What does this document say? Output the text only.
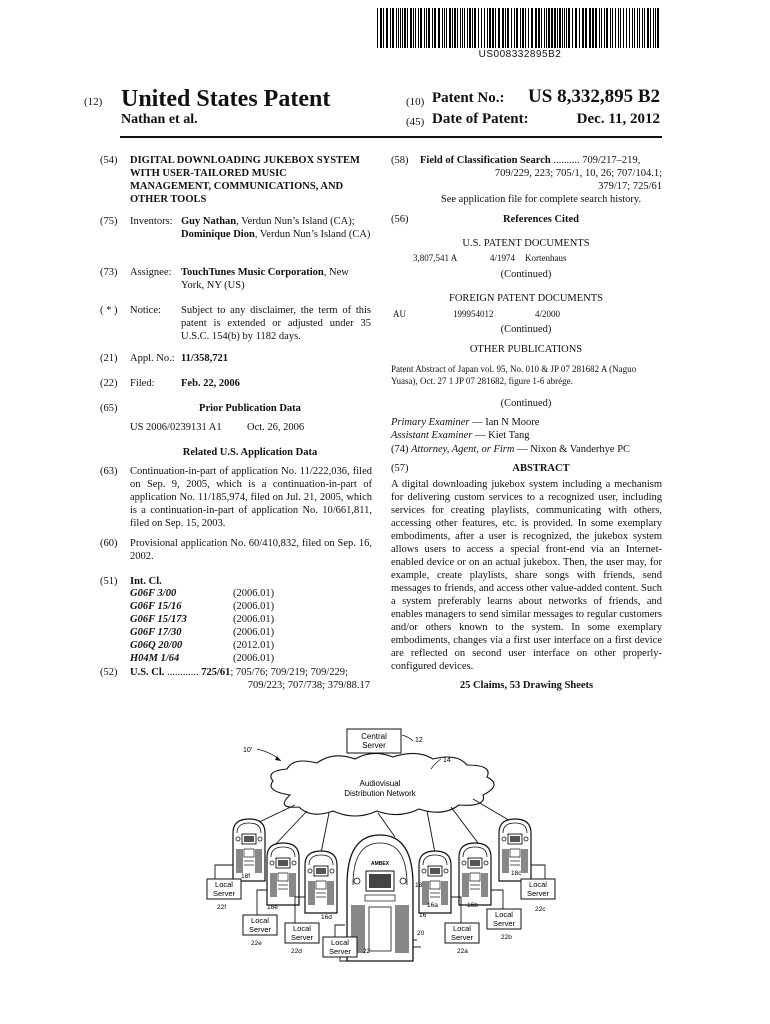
US008332895B2
(12) United States Patent
Nathan et al.
(10) Patent No.:	US 8,332,895 B2
(45) Date of Patent:	Dec. 11, 2012
(54) DIGITAL DOWNLOADING JUKEBOX SYSTEM WITH USER-TAILORED MUSIC MANAGEMENT, COMMUNICATIONS, AND OTHER TOOLS
(75) Inventors: Guy Nathan, Verdun Nun’s Island (CA); Dominique Dion, Verdun Nun’s Island (CA)
(73) Assignee: TouchTunes Music Corporation, New York, NY (US)
( * ) Notice: Subject to any disclaimer, the term of this patent is extended or adjusted under 35 U.S.C. 154(b) by 1182 days.
(21) Appl. No.: 11/358,721
(22) Filed:	Feb. 22, 2006
(65)	Prior Publication Data
US 2006/0239131 A1 Oct. 26, 2006
Related U.S. Application Data
(63) Continuation-in-part of application No. 11/222,036, filed on Sep. 9, 2005, which is a continuation-in-part of application No. 11/185,974, filed on Jul. 21, 2005, which is a continuation-in-part of application No. 10/661,811, filed on Sep. 15, 2003.
(60) Provisional application No. 60/410,832, filed on Sep. 16, 2002.
(51) Int. Cl.
G06F 3/00	(2006.01)
G06F 15/16	(2006.01)
G06F 15/173	(2006.01)
G06F 17/30	(2006.01)
G06Q 20/00	(2012.01)
H04M 1/64	(2006.01)
(52) U.S. Cl. ............ 725/61; 705/76; 709/219; 709/229;
709/223; 707/738; 379/88.17
(58) Field of Classification Search .......... 709/217–219,
709/229, 223; 705/1, 10, 26; 707/104.1;
379/17; 725/61
See application file for complete search history.
(56)	References Cited
U.S. PATENT DOCUMENTS
3,807,541 A	4/1974 Kortenhaus
(Continued)
FOREIGN PATENT DOCUMENTS
AU	199954012	4/2000
(Continued)
OTHER PUBLICATIONS
Patent Abstract of Japan vol. 95, No. 010 & JP 07 281682 A (Naguo Yuasa), Oct. 27 1 JP 07 281682, figure 1-6 abrége.
(Continued)
Primary Examiner — Ian N Moore
Assistant Examiner — Kiet Tang
(74) Attorney, Agent, or Firm — Nixon & Vanderhye PC
(57)	ABSTRACT
A digital downloading jukebox system including a mechanism for delivering custom services to a recognized user, including services for creating playlists, communicating with others, accessing other features, etc. is provided. In some exemplary embodiments, after a user is recognized, the jukebox system allows users to access a special front-end via an Internet-enabled device or on an actual jukebox. Then, the user may, for example, create playlists, share songs with friends, send messages to friends, and access other value-added content. Such a system preferably learns about networks of friends, and enables managers to send similar messages to regular customers and/or others known to the system. In some exemplary embodiments, changes via a first user interface on a first device are reflected on second user interface on other properly-configured devices.
25 Claims, 53 Drawing Sheets
Central
Server
12
10'
Audiovisual
Distribution Network
14
AMBEX
Local
Server
Local
Server	Local
Server
Local
Server
Local
Server
Local
Server
Local
Server
18f
18e
16d
18
16
16a	16b
18c
22f
22e
22d	22
20
22a
22b
22c
